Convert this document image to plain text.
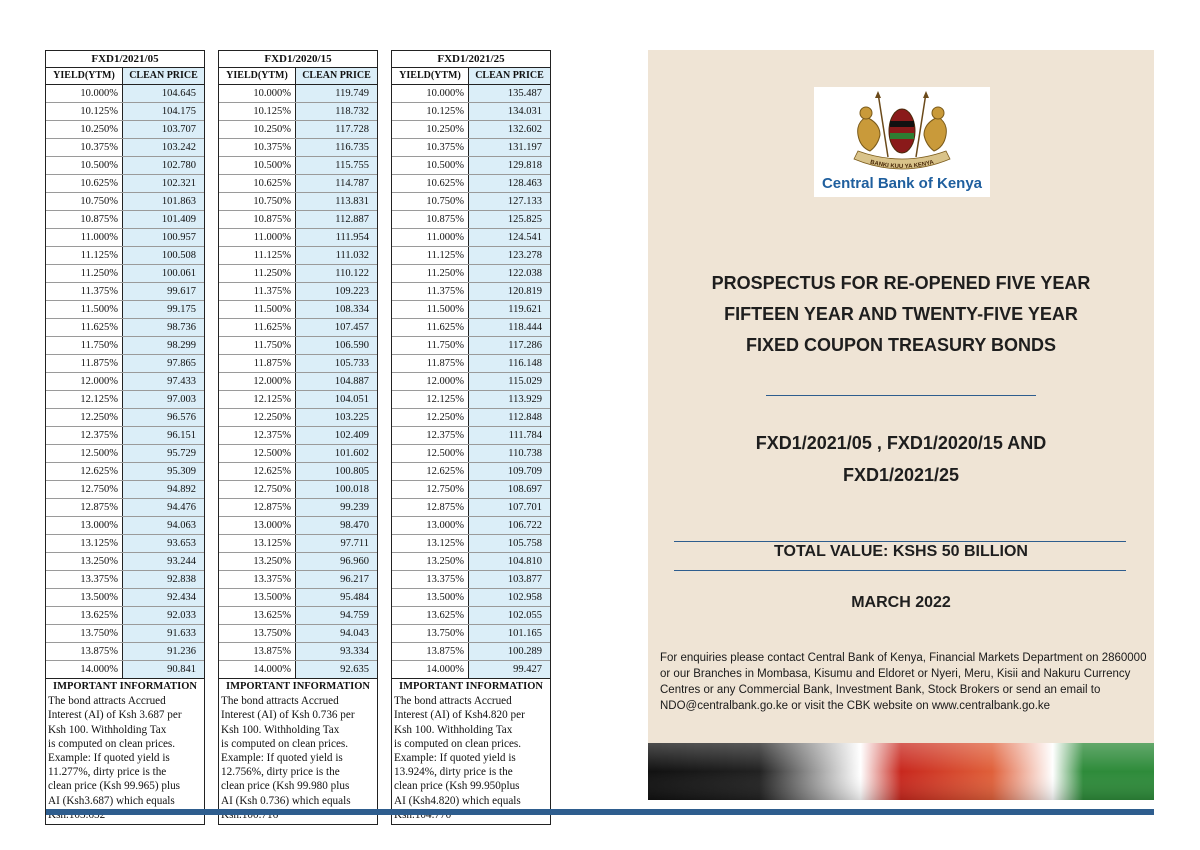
FXD1/2021/05
YIELD(YTM)	CLEAN PRICE
10.000%	104.645
10.125%	104.175
10.250%	103.707
10.375%	103.242
10.500%	102.780
10.625%	102.321
10.750%	101.863
10.875%	101.409
11.000%	100.957
11.125%	100.508
11.250%	100.061
11.375%	99.617
11.500%	99.175
11.625%	98.736
11.750%	98.299
11.875%	97.865
12.000%	97.433
12.125%	97.003
12.250%	96.576
12.375%	96.151
12.500%	95.729
12.625%	95.309
12.750%	94.892
12.875%	94.476
13.000%	94.063
13.125%	93.653
13.250%	93.244
13.375%	92.838
13.500%	92.434
13.625%	92.033
13.750%	91.633
13.875%	91.236
14.000%	90.841
IMPORTANT INFORMATION
The bond attracts Accrued
Interest (AI) of Ksh 3.687 per
Ksh 100. Withholding Tax
is computed on clean prices.
Example: If quoted yield is
11.277%, dirty price is the
clean price (Ksh 99.965) plus
AI (Ksh3.687) which equals

FXD1/2020/15
YIELD(YTM)	CLEAN PRICE
10.000%	119.749
10.125%	118.732
10.250%	117.728
10.375%	116.735
10.500%	115.755
10.625%	114.787
10.750%	113.831
10.875%	112.887
11.000%	111.954
11.125%	111.032
11.250%	110.122
11.375%	109.223
11.500%	108.334
11.625%	107.457
11.750%	106.590
11.875%	105.733
12.000%	104.887
12.125%	104.051
12.250%	103.225
12.375%	102.409
12.500%	101.602
12.625%	100.805
12.750%	100.018
12.875%	99.239
13.000%	98.470
13.125%	97.711
13.250%	96.960
13.375%	96.217
13.500%	95.484
13.625%	94.759
13.750%	94.043
13.875%	93.334
14.000%	92.635
IMPORTANT INFORMATION
The bond attracts Accrued
Interest (AI) of Ksh 0.736 per
Ksh 100. Withholding Tax
is computed on clean prices.
Example: If quoted yield is
12.756%, dirty price is the
clean price (Ksh 99.980 plus
AI (Ksh 0.736) which equals

FXD1/2021/25
YIELD(YTM)	CLEAN PRICE
10.000%	135.487
10.125%	134.031
10.250%	132.602
10.375%	131.197
10.500%	129.818
10.625%	128.463
10.750%	127.133
10.875%	125.825
11.000%	124.541
11.125%	123.278
11.250%	122.038
11.375%	120.819
11.500%	119.621
11.625%	118.444
11.750%	117.286
11.875%	116.148
12.000%	115.029
12.125%	113.929
12.250%	112.848
12.375%	111.784
12.500%	110.738
12.625%	109.709
12.750%	108.697
12.875%	107.701
13.000%	106.722
13.125%	105.758
13.250%	104.810
13.375%	103.877
13.500%	102.958
13.625%	102.055
13.750%	101.165
13.875%	100.289
14.000%	99.427
IMPORTANT INFORMATION
The bond attracts Accrued
Interest (AI) of Ksh4.820 per
Ksh 100. Withholding Tax
is computed on clean prices.
Example: If quoted yield is
13.924%, dirty price is the
clean price (Ksh 99.950plus
AI (Ksh4.820) which equals

BANKI KUU YA KENYA
Central Bank of Kenya
PROSPECTUS FOR RE-OPENED FIVE YEAR
FIFTEEN YEAR AND TWENTY-FIVE YEAR
FIXED COUPON TREASURY BONDS
FXD1/2021/05 , FXD1/2020/15 AND
FXD1/2021/25
TOTAL VALUE: KSHS 50 BILLION
MARCH 2022
For enquiries please contact Central Bank of Kenya, Financial Markets Department on 2860000
or our Branches in Mombasa, Kisumu and Eldoret or Nyeri, Meru, Kisii and Nakuru Currency
Centres or any Commercial Bank, Investment Bank, Stock Brokers or send an email to
NDO@centralbank.go.ke or visit the CBK website on www.centralbank.go.ke
